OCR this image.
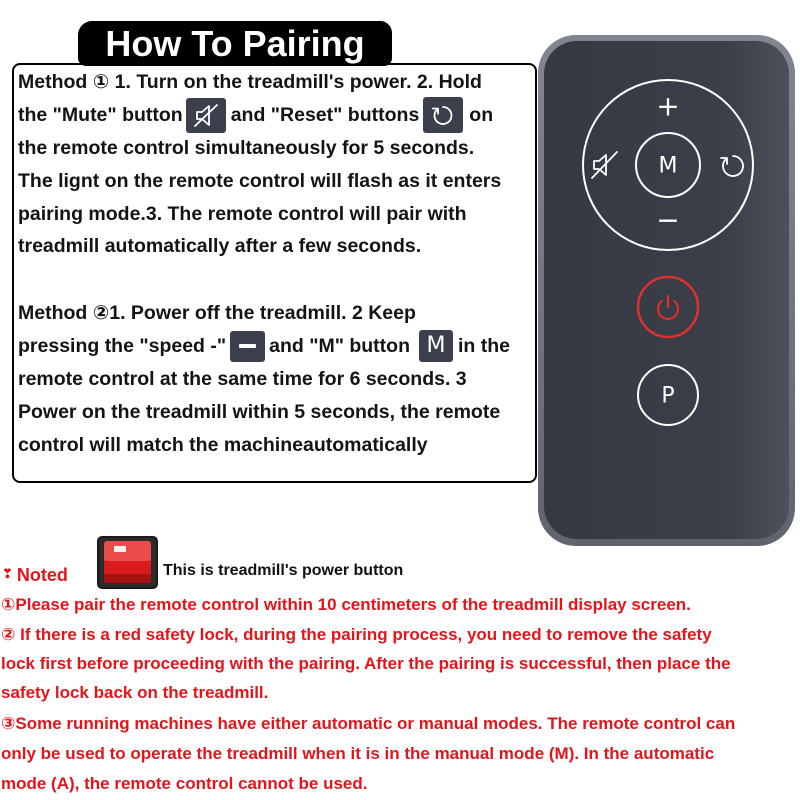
How To Pairing
Method ① 1. Turn on the treadmill's power. 2. Hold
the "Mute" button and "Reset" buttons	on
the remote control simultaneously for 5 seconds.
The lignt on the remote control will flash as it enters
pairing mode.3. The remote control will pair with
treadmill automatically after a few seconds.
Method ②1. Power off the treadmill. 2 Keep
pressing the "speed -" and "M" button M in the
remote control at the same time for 6 seconds. 3
Power on the treadmill within 5 seconds, the remote
control will match the machineautomatically
+
−
M
P
❣ Noted	This is treadmill's power button
①Please pair the remote control within 10 centimeters of the treadmill display screen.
② If there is a red safety lock, during the pairing process, you need to remove the safety
lock first before proceeding with the pairing. After the pairing is successful, then place the
safety lock back on the treadmill.
③Some running machines have either automatic or manual modes. The remote control can
only be used to operate the treadmill when it is in the manual mode (M). In the automatic
mode (A), the remote control cannot be used.
